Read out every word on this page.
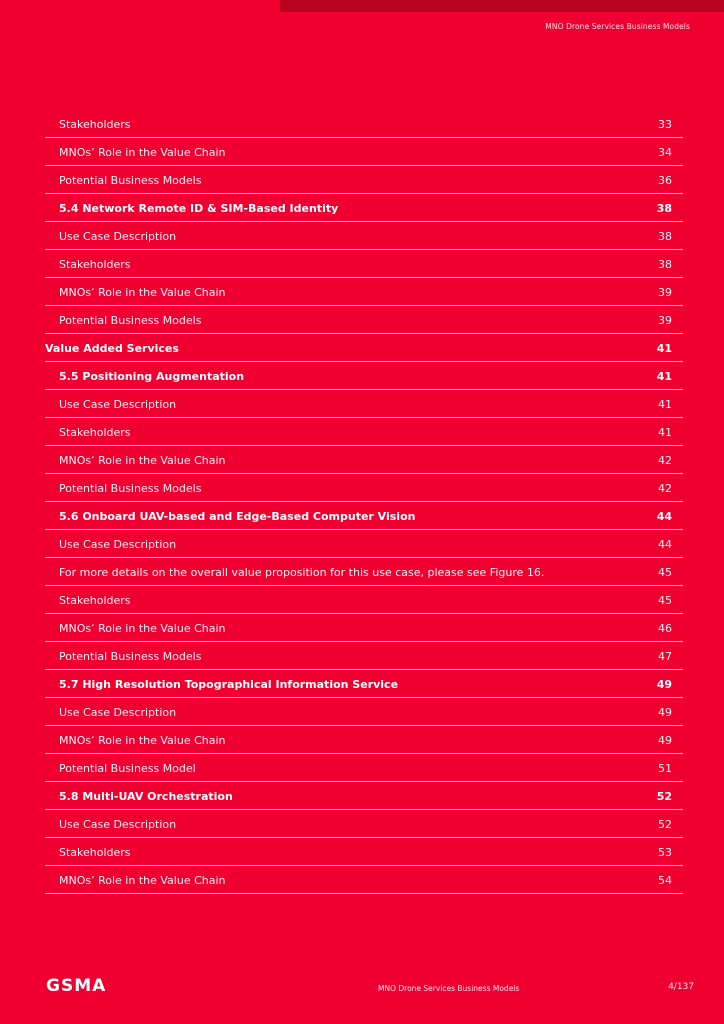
MNO Drone Services Business Models
Stakeholders	33
MNOs’ Role in the Value Chain	34
Potential Business Models	36
5.4 Network Remote ID & SIM-Based Identity	38
Use Case Description	38
Stakeholders	38
MNOs’ Role in the Value Chain	39
Potential Business Models	39
Value Added Services	41
5.5 Positioning Augmentation	41
Use Case Description	41
Stakeholders	41
MNOs’ Role in the Value Chain	42
Potential Business Models	42
5.6 Onboard UAV-based and Edge-Based Computer Vision	44
Use Case Description	44
For more details on the overall value proposition for this use case, please see Figure 16.	45
Stakeholders	45
MNOs’ Role in the Value Chain	46
Potential Business Models	47
5.7 High Resolution Topographical Information Service	49
Use Case Description	49
MNOs’ Role in the Value Chain	49
Potential Business Model	51
5.8 Multi-UAV Orchestration	52
Use Case Description	52
Stakeholders	53
MNOs’ Role in the Value Chain	54
GSMA	MNO Drone Services Business Models	4/137
